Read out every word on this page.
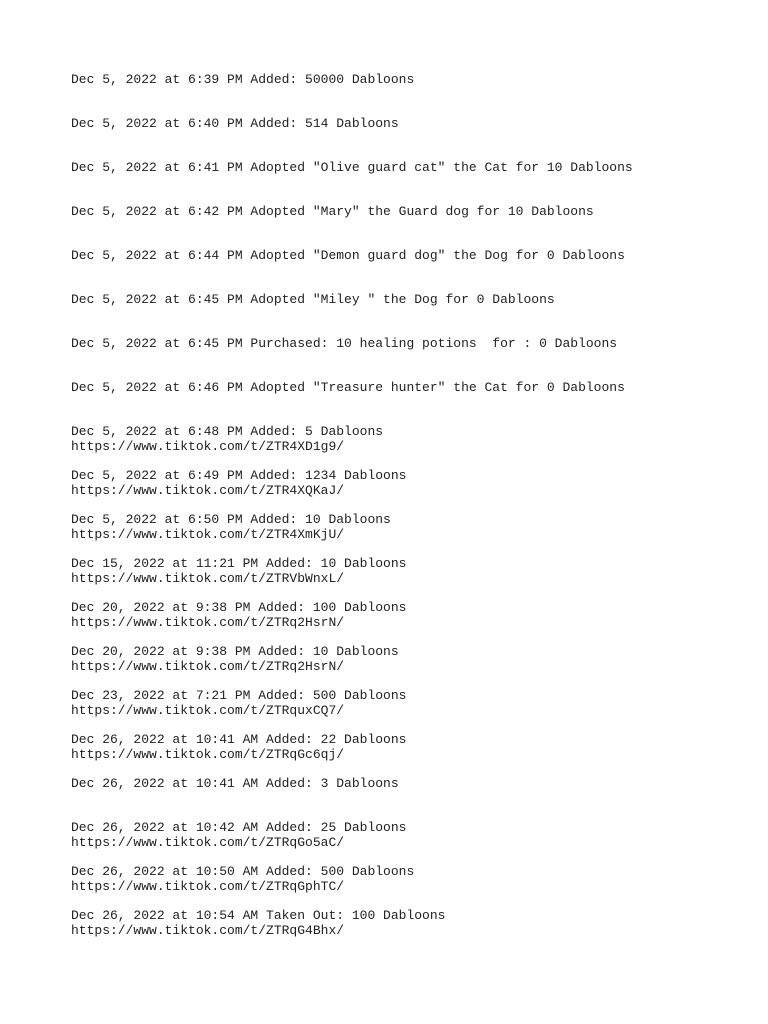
Dec 5, 2022 at 6:39 PM Added: 50000 Dabloons
Dec 5, 2022 at 6:40 PM Added: 514 Dabloons
Dec 5, 2022 at 6:41 PM Adopted "Olive guard cat" the Cat for 10 Dabloons
Dec 5, 2022 at 6:42 PM Adopted "Mary" the Guard dog for 10 Dabloons
Dec 5, 2022 at 6:44 PM Adopted "Demon guard dog" the Dog for 0 Dabloons
Dec 5, 2022 at 6:45 PM Adopted "Miley " the Dog for 0 Dabloons
Dec 5, 2022 at 6:45 PM Purchased: 10 healing potions  for : 0 Dabloons
Dec 5, 2022 at 6:46 PM Adopted "Treasure hunter" the Cat for 0 Dabloons
Dec 5, 2022 at 6:48 PM Added: 5 Dabloons
https://www.tiktok.com/t/ZTR4XD1g9/
Dec 5, 2022 at 6:49 PM Added: 1234 Dabloons
https://www.tiktok.com/t/ZTR4XQKaJ/
Dec 5, 2022 at 6:50 PM Added: 10 Dabloons
https://www.tiktok.com/t/ZTR4XmKjU/
Dec 15, 2022 at 11:21 PM Added: 10 Dabloons
https://www.tiktok.com/t/ZTRVbWnxL/
Dec 20, 2022 at 9:38 PM Added: 100 Dabloons
https://www.tiktok.com/t/ZTRq2HsrN/
Dec 20, 2022 at 9:38 PM Added: 10 Dabloons
https://www.tiktok.com/t/ZTRq2HsrN/
Dec 23, 2022 at 7:21 PM Added: 500 Dabloons
https://www.tiktok.com/t/ZTRquxCQ7/
Dec 26, 2022 at 10:41 AM Added: 22 Dabloons
https://www.tiktok.com/t/ZTRqGc6qj/
Dec 26, 2022 at 10:41 AM Added: 3 Dabloons
Dec 26, 2022 at 10:42 AM Added: 25 Dabloons
https://www.tiktok.com/t/ZTRqGo5aC/
Dec 26, 2022 at 10:50 AM Added: 500 Dabloons
https://www.tiktok.com/t/ZTRqGphTC/
Dec 26, 2022 at 10:54 AM Taken Out: 100 Dabloons
https://www.tiktok.com/t/ZTRqG4Bhx/
